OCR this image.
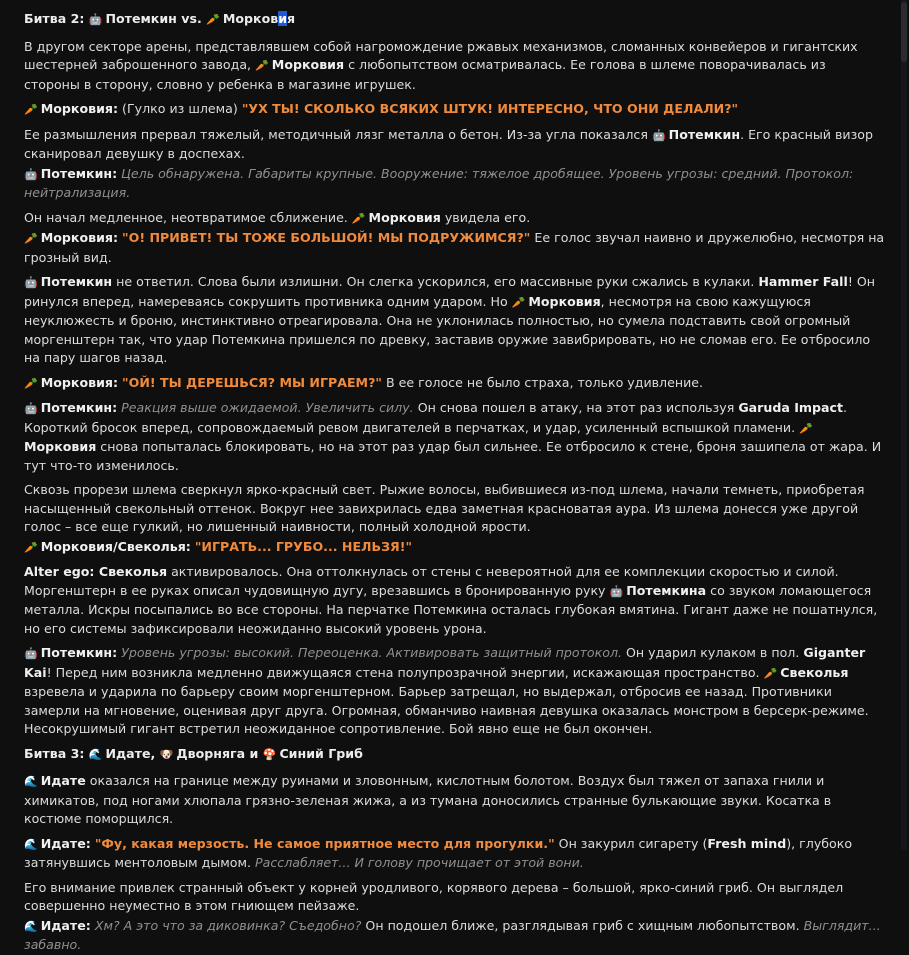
Битва 2: 🤖 Потемкин vs. 🥕 Морковия

В другом секторе арены, представлявшем собой нагромождение ржавых механизмов, сломанных конвейеров и гигантских шестерней заброшенного завода, 🥕 Морковия с любопытством осматривалась. Ее голова в шлеме поворачивалась из стороны в сторону, словно у ребенка в магазине игрушек.

🥕 Морковия: (Гулко из шлема) "УХ ТЫ! СКОЛЬКО ВСЯКИХ ШТУК! ИНТЕРЕСНО, ЧТО ОНИ ДЕЛАЛИ?"

Ее размышления прервал тяжелый, методичный лязг металла о бетон. Из-за угла показался 🤖 Потемкин. Его красный визор сканировал девушку в доспехах.

🤖 Потемкин: Цель обнаружена. Габариты крупные. Вооружение: тяжелое дробящее. Уровень угрозы: средний. Протокол: нейтрализация.

Он начал медленное, неотвратимое сближение. 🥕 Морковия увидела его.

🥕 Морковия: "О! ПРИВЕТ! ТЫ ТОЖЕ БОЛЬШОЙ! МЫ ПОДРУЖИМСЯ?" Ее голос звучал наивно и дружелюбно, несмотря на грозный вид.

🤖 Потемкин не ответил. Слова были излишни. Он слегка ускорился, его массивные руки сжались в кулаки. Hammer Fall! Он ринулся вперед, намереваясь сокрушить противника одним ударом. Но 🥕 Морковия, несмотря на свою кажущуюся неуклюжесть и броню, инстинктивно отреагировала. Она не уклонилась полностью, но сумела подставить свой огромный моргенштерн так, что удар Потемкина пришелся по древку, заставив оружие завибрировать, но не сломав его. Ее отбросило на пару шагов назад.

🥕 Морковия: "ОЙ! ТЫ ДЕРЕШЬСЯ? МЫ ИГРАЕМ?" В ее голосе не было страха, только удивление.

🤖 Потемкин: Реакция выше ожидаемой. Увеличить силу. Он снова пошел в атаку, на этот раз используя Garuda Impact. Короткий бросок вперед, сопровождаемый ревом двигателей в перчатках, и удар, усиленный вспышкой пламени. 🥕Морковия снова попыталась блокировать, но на этот раз удар был сильнее. Ее отбросило к стене, броня зашипела от жара. И тут что-то изменилось.

Сквозь прорези шлема сверкнул ярко-красный свет. Рыжие волосы, выбившиеся из-под шлема, начали темнеть, приобретая насыщенный свекольный оттенок. Вокруг нее завихрилась едва заметная красноватая аура. Из шлема донесся уже другой голос – все еще гулкий, но лишенный наивности, полный холодной ярости.

🥕 Морковия/Свеколья: "ИГРАТЬ... ГРУБО... НЕЛЬЗЯ!"

Alter ego: Свеколья активировалось. Она оттолкнулась от стены с невероятной для ее комплекции скоростью и силой. Моргенштерн в ее руках описал чудовищную дугу, врезавшись в бронированную руку 🤖 Потемкина со звуком ломающегося металла. Искры посыпались во все стороны. На перчатке Потемкина осталась глубокая вмятина. Гигант даже не пошатнулся, но его системы зафиксировали неожиданно высокий уровень урона.

🤖 Потемкин: Уровень угрозы: высокий. Переоценка. Активировать защитный протокол. Он ударил кулаком в пол. Giganter Kai! Перед ним возникла медленно движущаяся стена полупрозрачной энергии, искажающая пространство. 🥕 Свеколья взревела и ударила по барьеру своим моргенштерном. Барьер затрещал, но выдержал, отбросив ее назад. Противники замерли на мгновение, оценивая друг друга. Огромная, обманчиво наивная девушка оказалась монстром в берсерк-режиме. Несокрушимый гигант встретил неожиданное сопротивление. Бой явно еще не был окончен.

Битва 3: 🌊 Идате, 🐶 Дворняга и 🍄 Синий Гриб

🌊 Идате оказался на границе между руинами и зловонным, кислотным болотом. Воздух был тяжел от запаха гнили и химикатов, под ногами хлюпала грязно-зеленая жижа, а из тумана доносились странные булькающие звуки. Косатка в костюме поморщился.

🌊 Идате: "Фу, какая мерзость. Не самое приятное место для прогулки." Он закурил сигарету (Fresh mind), глубоко затянувшись ментоловым дымом. Расслабляет... И голову прочищает от этой вони.

Его внимание привлек странный объект у корней уродливого, корявого дерева – большой, ярко-синий гриб. Он выглядел совершенно неуместно в этом гниющем пейзаже.

🌊 Идате: Хм? А это что за диковинка? Съедобно? Он подошел ближе, разглядывая гриб с хищным любопытством. Выглядит... забавно.
